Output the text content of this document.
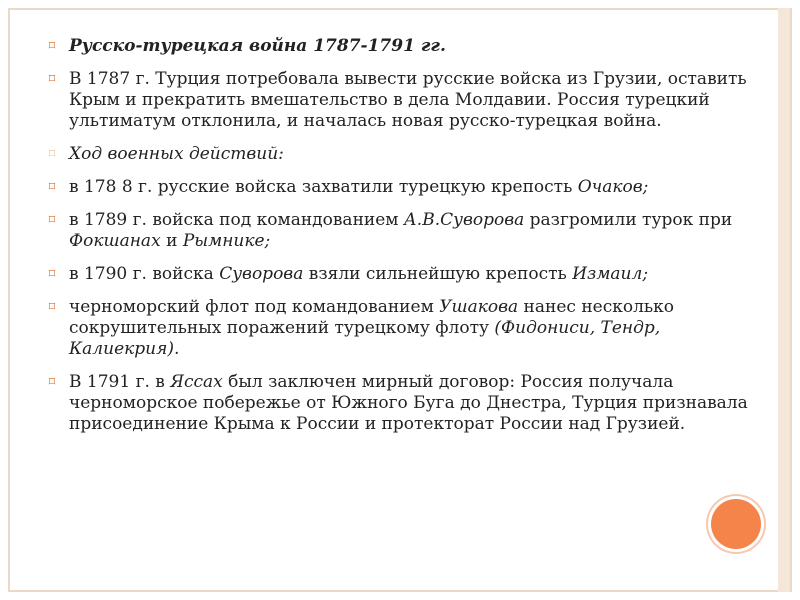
⌑ Русско-турецкая война 1787-1791 гг.
⌑ В 1787 г. Турция потребовала вывести русские войска из Грузии, оставить Крым и прекратить вмешательство в дела Молдавии. Россия турецкий ультиматум отклонила, и началась новая русско-турецкая война.
⌑ Ход военных действий:
⌑ в 178 8 г. русские войска захватили турецкую крепость Очаков;
⌑ в 1789 г. войска под командованием А.В.Суворова разгромили турок при Фокшанах и Рымнике;
⌑ в 1790 г. войска Суворова взяли сильнейшую крепость Измаил;
⌑ черноморский флот под командованием Ушакова нанес несколько сокрушительных поражений турецкому флоту (Фидониси, Тендр, Калиекрия).
⌑ В 1791 г. в Яссах был заключен мирный договор: Россия получала черноморское побережье от Южного Буга до Днестра, Турция признавала присоединение Крыма к России и протекторат России над Грузией.
